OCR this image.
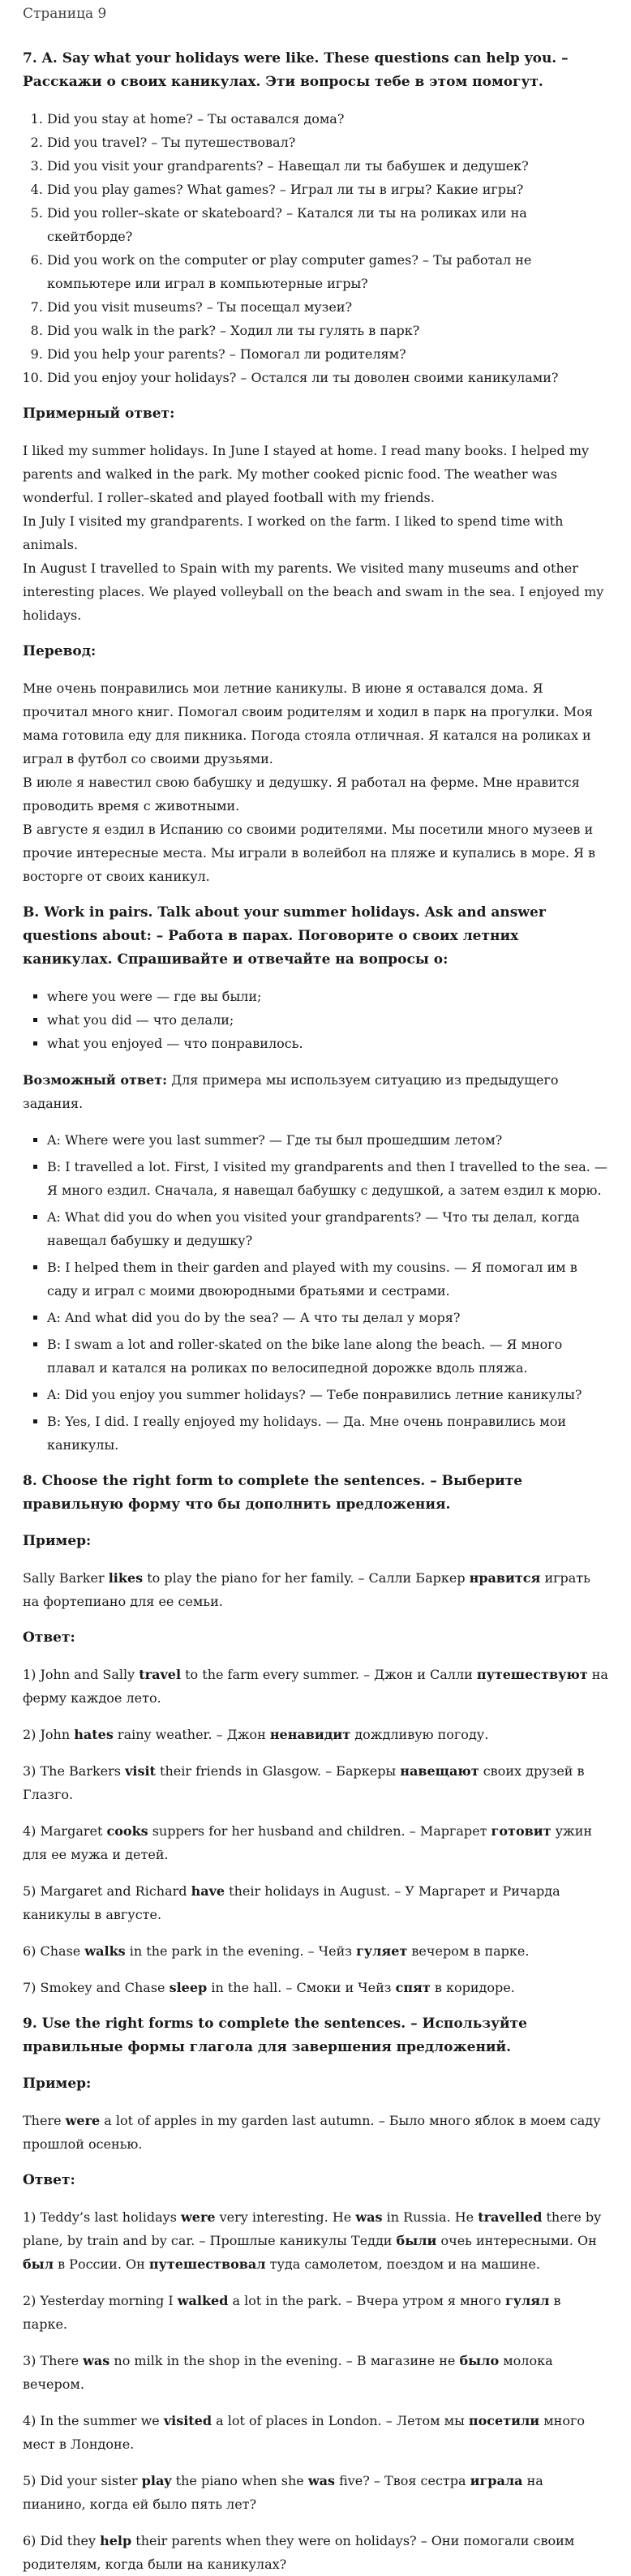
Страница 9
7. A. Say what your holidays were like. These questions can help you. – Расскажи о своих каникулах. Эти вопросы тебе в этом помогут.
1. Did you stay at home? – Ты оставался дома?
2. Did you travel? – Ты путешествовал?
3. Did you visit your grandparents? – Навещал ли ты бабушек и дедушек?
4. Did you play games? What games? – Играл ли ты в игры? Какие игры?
5. Did you roller–skate or skateboard? – Катался ли ты на роликах или на скейтборде?
6. Did you work on the computer or play computer games? – Ты работал не компьютере или играл в компьютерные игры?
7. Did you visit museums? – Ты посещал музеи?
8. Did you walk in the park? – Ходил ли ты гулять в парк?
9. Did you help your parents? – Помогал ли родителям?
10. Did you enjoy your holidays? – Остался ли ты доволен своими каникулами?
Примерный ответ:

I liked my summer holidays. In June I stayed at home. I read many books. I helped my parents and walked in the park. My mother cooked picnic food. The weather was wonderful. I roller–skated and played football with my friends.
In July I visited my grandparents. I worked on the farm. I liked to spend time with animals.
In August I travelled to Spain with my parents. We visited many museums and other interesting places. We played volleyball on the beach and swam in the sea. I enjoyed my holidays.

Перевод:

Мне очень понравились мои летние каникулы. В июне я оставался дома. Я прочитал много книг. Помогал своим родителям и ходил в парк на прогулки. Моя мама готовила еду для пикника. Погода стояла отличная. Я катался на роликах и играл в футбол со своими друзьями.
В июле я навестил свою бабушку и дедушку. Я работал на ферме. Мне нравится проводить время с животными.
В августе я ездил в Испанию со своими родителями. Мы посетили много музеев и прочие интересные места. Мы играли в волейбол на пляже и купались в море. Я в восторге от своих каникул.

B. Work in pairs. Talk about your summer holidays. Ask and answer questions about: – Работа в парах. Поговорите о своих летних каникулах. Спрашивайте и отвечайте на вопросы о:
▪ where you were — где вы были;
▪ what you did — что делали;
▪ what you enjoyed — что понравилось.

Возможный ответ: Для примера мы используем ситуацию из предыдущего задания.

▪ A: Where were you last summer? — Где ты был прошедшим летом?
▪ B: I travelled a lot. First, I visited my grandparents and then I travelled to the sea. — Я много ездил. Сначала, я навещал бабушку с дедушкой, а затем ездил к морю.
▪ A: What did you do when you visited your grandparents? — Что ты делал, когда навещал бабушку и дедушку?
▪ B: I helped them in their garden and played with my cousins. — Я помогал им в саду и играл с моими двоюродными братьями и сестрами.
▪ A: And what did you do by the sea? — А что ты делал у моря?
▪ B: I swam a lot and roller-skated on the bike lane along the beach. — Я много плавал и катался на роликах по велосипедной дорожке вдоль пляжа.
▪ A: Did you enjoy you summer holidays? — Тебе понравились летние каникулы?
▪ B: Yes, I did. I really enjoyed my holidays. — Да. Мне очень понравились мои каникулы.
8. Choose the right form to complete the sentences. – Выберите правильную форму что бы дополнить предложения.
Пример:

Sally Barker likes to play the piano for her family. – Салли Баркер нравится играть на фортепиано для ее семьи.

Ответ:

1) John and Sally travel to the farm every summer. – Джон и Салли путешествуют на ферму каждое лето.

2) John hates rainy weather. – Джон ненавидит дождливую погоду.

3) The Barkers visit their friends in Glasgow. – Баркеры навещают своих друзей в Глазго.

4) Margaret cooks suppers for her husband and children. – Маргарет готовит ужин для ее мужа и детей.

5) Margaret and Richard have their holidays in August. – У Маргарет и Ричарда каникулы в августе.

6) Chase walks in the park in the evening. – Чейз гуляет вечером в парке.

7) Smokey and Chase sleep in the hall. – Смоки и Чейз спят в коридоре.

9. Use the right forms to complete the sentences. – Используйте правильные формы глагола для завершения предложений.
Пример:

There were a lot of apples in my garden last autumn. – Было много яблок в моем саду прошлой осенью.

Ответ:

1) Teddy’s last holidays were very interesting. He was in Russia. He travelled there by plane, by train and by car. – Прошлые каникулы Тедди были очеь интересными. Он был в России. Он путешествовал туда самолетом, поездом и на машине.

2) Yesterday morning I walked a lot in the park. – Вчера утром я много гулял в парке.

3) There was no milk in the shop in the evening. – В магазине не было молока вечером.

4) In the summer we visited a lot of places in London. – Летом мы посетили много мест в Лондоне.

5) Did your sister play the piano when she was five? – Твоя сестра играла на пианино, когда ей было пять лет?

6) Did they help their parents when they were on holidays? – Они помогали своим родителям, когда были на каникулах?
